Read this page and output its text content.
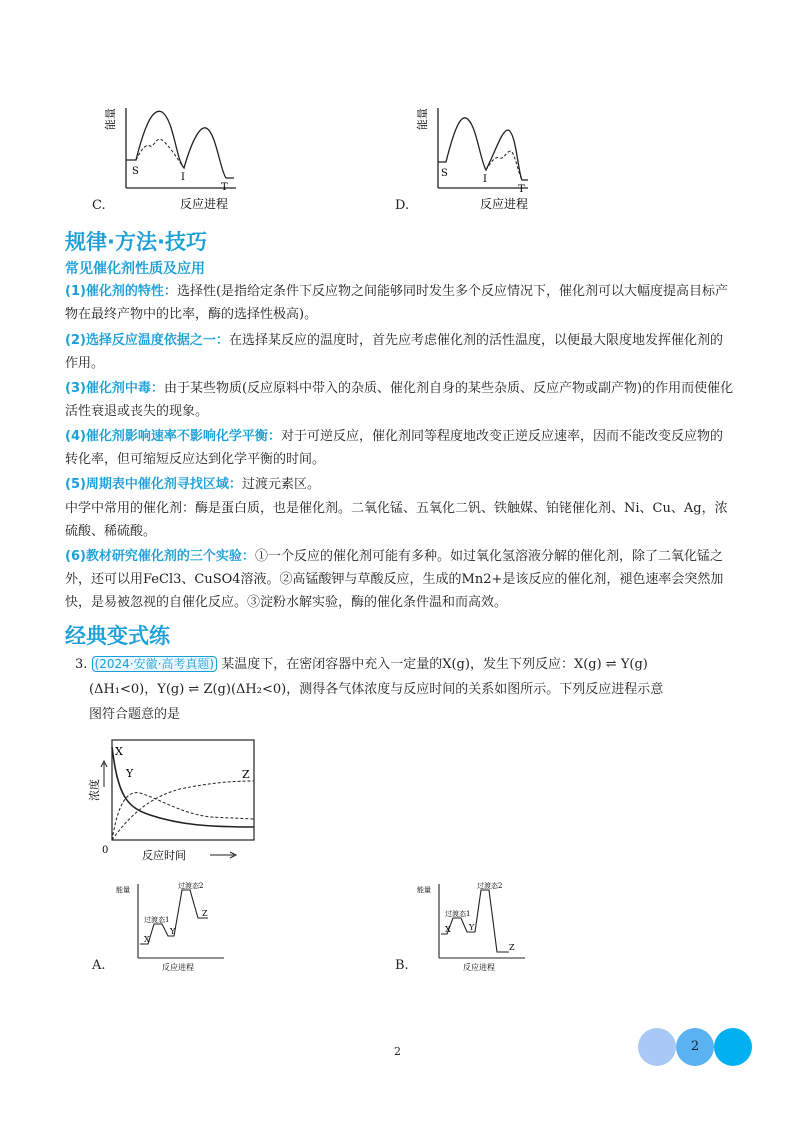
能量
S
I
T
反应进程
C.
能量
S
I
T
反应进程
D.
规律·方法·技巧
常见催化剂性质及应用
(1)催化剂的特性：选择性(是指给定条件下反应物之间能够同时发生多个反应情况下，催化剂可以大幅度提高目标产物在最终产物中的比率，酶的选择性极高)。
(2)选择反应温度依据之一：在选择某反应的温度时，首先应考虑催化剂的活性温度，以便最大限度地发挥催化剂的作用。
(3)催化剂中毒：由于某些物质(反应原料中带入的杂质、催化剂自身的某些杂质、反应产物或副产物)的作用而使催化活性衰退或丧失的现象。
(4)催化剂影响速率不影响化学平衡：对于可逆反应，催化剂同等程度地改变正逆反应速率，因而不能改变反应物的转化率，但可缩短反应达到化学平衡的时间。
(5)周期表中催化剂寻找区域：过渡元素区。
中学中常用的催化剂：酶是蛋白质，也是催化剂。二氧化锰、五氧化二钒、铁触媒、铂铑催化剂、Ni、Cu、Ag，浓硫酸、稀硫酸。
(6)教材研究催化剂的三个实验：①一个反应的催化剂可能有多种。如过氧化氢溶液分解的催化剂，除了二氧化锰之外，还可以用FeCl3、CuSO4溶液。②高锰酸钾与草酸反应，生成的Mn2+是该反应的催化剂，褪色速率会突然加快，是易被忽视的自催化反应。③淀粉水解实验，酶的催化条件温和而高效。
经典变式练
3. (2024·安徽·高考真题) 某温度下，在密闭容器中充入一定量的X(g)，发生下列反应：X(g) ⇌ Y(g)
(ΔH₁<0)，Y(g) ⇌ Z(g)(ΔH₂<0)，测得各气体浓度与反应时间的关系如图所示。下列反应进程示意
图符合题意的是
X
Y	Z
0
浓度
反应时间
能量
过渡态1
过渡态2
X
Y
Z
反应进程
A.
能量
过渡态1
过渡态2
X Y
Z
反应进程
B.
2	2
